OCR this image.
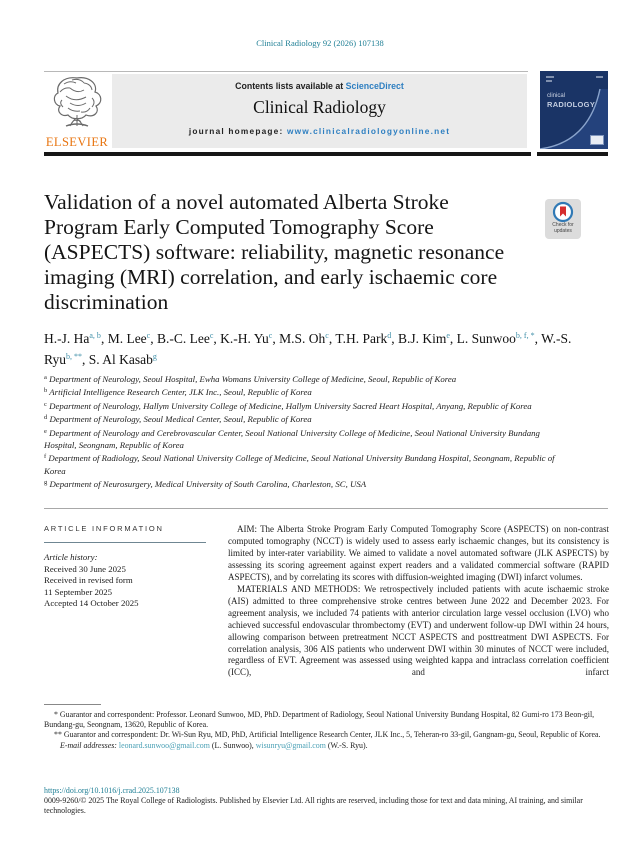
Clinical Radiology 92 (2026) 107138
ELSEVIER
Contents lists available at ScienceDirect
Clinical Radiology
journal homepage: www.clinicalradiologyonline.net
clinical
RADIOLOGY
Validation of a novel automated Alberta Stroke Program Early Computed Tomography Score (ASPECTS) software: reliability, magnetic resonance imaging (MRI) correlation, and early ischaemic core discrimination
Check for updates
H.-J. Ha$^{a, b}$, M. Lee$^c$, B.-C. Lee$^c$, K.-H. Yu$^c$, M.S. Oh$^c$, T.H. Park$^d$, B.J. Kim$^e$, L. Sunwoo$^{b, f, *}$, W.-S. Ryu$^{b, **}$, S. Al Kasab$^g$
$^a$ Department of Neurology, Seoul Hospital, Ewha Womans University College of Medicine, Seoul, Republic of Korea
$^b$ Artificial Intelligence Research Center, JLK Inc., Seoul, Republic of Korea
$^c$ Department of Neurology, Hallym University College of Medicine, Hallym University Sacred Heart Hospital, Anyang, Republic of Korea
$^d$ Department of Neurology, Seoul Medical Center, Seoul, Republic of Korea
$^e$ Department of Neurology and Cerebrovascular Center, Seoul National University College of Medicine, Seoul National University Bundang Hospital, Seongnam, Republic of Korea
$^f$ Department of Radiology, Seoul National University College of Medicine, Seoul National University Bundang Hospital, Seongnam, Republic of Korea
$^g$ Department of Neurosurgery, Medical University of South Carolina, Charleston, SC, USA
ARTICLE INFORMATION
Article history:
Received 30 June 2025
Received in revised form
11 September 2025
Accepted 14 October 2025

AIM: The Alberta Stroke Program Early Computed Tomography Score (ASPECTS) on non-contrast computed tomography (NCCT) is widely used to assess early ischaemic changes, but its consistency is limited by inter-rater variability. We aimed to validate a novel automated software (JLK ASPECTS) by assessing its scoring agreement against expert readers and a validated commercial software (RAPID ASPECTS), and by correlating its scores with diffusion-weighted imaging (DWI) infarct volumes.

MATERIALS AND METHODS: We retrospectively included patients with acute ischaemic stroke (AIS) admitted to three comprehensive stroke centres between June 2022 and December 2023. For agreement analysis, we included 74 patients with anterior circulation large vessel occlusion (LVO) who achieved successful endovascular thrombectomy (EVT) and underwent follow-up DWI within 24 hours, allowing comparison between pretreatment NCCT ASPECTS and posttreatment DWI ASPECTS. For correlation analysis, 306 AIS patients who underwent DWI within 30 minutes of NCCT were included, regardless of EVT. Agreement was assessed using weighted kappa and intraclass correlation coefficient (ICC), and infarct

* Guarantor and correspondent: Professor. Leonard Sunwoo, MD, PhD. Department of Radiology, Seoul National University Bundang Hospital, 82 Gumi-ro 173 Beon-gil, Bundang-gu, Seongnam, 13620, Republic of Korea.

** Guarantor and correspondent: Dr. Wi-Sun Ryu, MD, PhD, Artificial Intelligence Research Center, JLK Inc., 5, Teheran-ro 33-gil, Gangnam-gu, Seoul, Republic of Korea.

E-mail addresses: leonard.sunwoo@gmail.com (L. Sunwoo), wisunryu@gmail.com (W.-S. Ryu).

https://doi.org/10.1016/j.crad.2025.107138
0009-9260/© 2025 The Royal College of Radiologists. Published by Elsevier Ltd. All rights are reserved, including those for text and data mining, AI training, and similar technologies.
